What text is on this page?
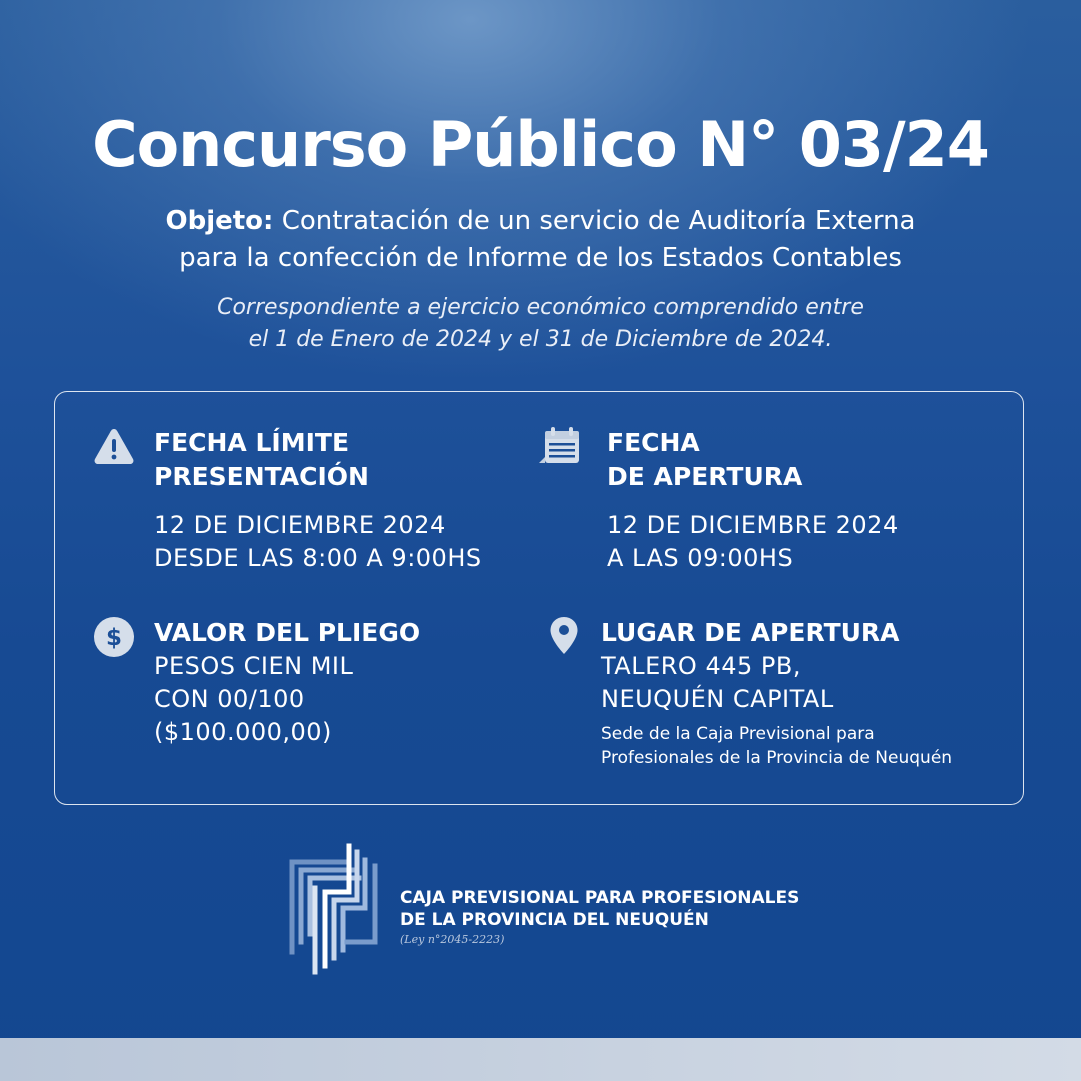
Concurso Público N° 03/24
Objeto: Contratación de un servicio de Auditoría Externa
para la confección de Informe de los Estados Contables
Correspondiente a ejercicio económico comprendido entre
el 1 de Enero de 2024 y el 31 de Diciembre de 2024.
FECHA LÍMITE
PRESENTACIÓN
12 DE DICIEMBRE 2024
DESDE LAS 8:00 A 9:00HS
FECHA
DE APERTURA
12 DE DICIEMBRE 2024
A LAS 09:00HS
$ VALOR DEL PLIEGO
PESOS CIEN MIL
CON 00/100
($100.000,00)
LUGAR DE APERTURA
TALERO 445 PB,
NEUQUÉN CAPITAL
Sede de la Caja Previsional para
Profesionales de la Provincia de Neuquén
CAJA PREVISIONAL PARA PROFESIONALES
DE LA PROVINCIA DEL NEUQUÉN
(Ley n°2045-2223)
